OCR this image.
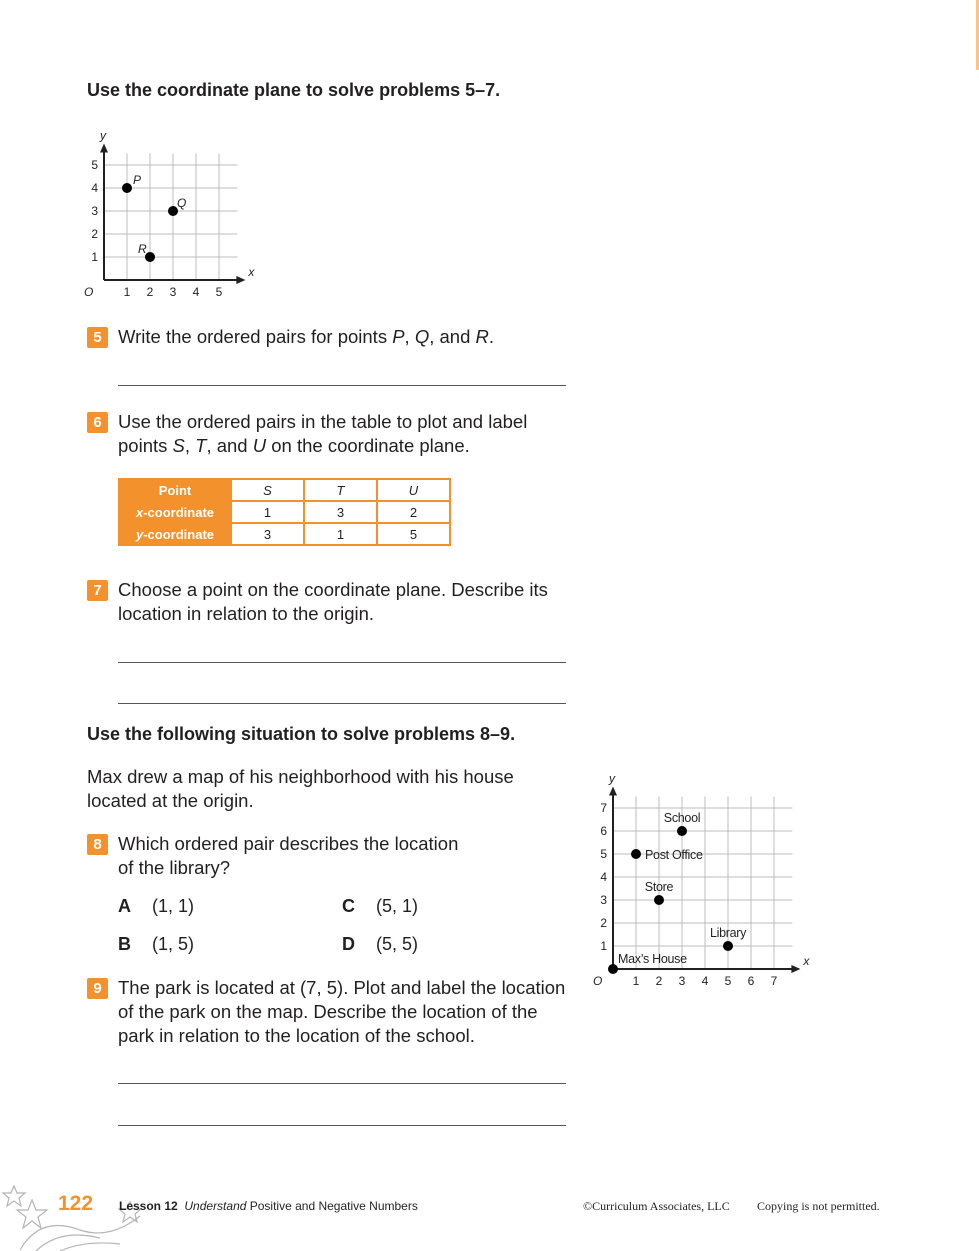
Use the coordinate plane to solve problems 5–7.
x
y
O	1 2 3 4 5
1
2
3
4
5
P
Q
R
5 Write the ordered pairs for points P, Q, and R.
6 Use the ordered pairs in the table to plot and label
points S, T, and U on the coordinate plane.
Point	S	T	U
x-coordinate	1	3	2
y-coordinate	3	1	5
7 Choose a point on the coordinate plane. Describe its
location in relation to the origin.
Use the following situation to solve problems 8–9.
Max drew a map of his neighborhood with his house
located at the origin.
x
y
O	1 2 3 4 5 6 7
1
2
3
4
5
6
7
Max’s House
Post Office
School
Store
Library
8 Which ordered pair describes the location
of the library?
A (1, 1)	C (5, 1)
B (1, 5)	D (5, 5)
9 The park is located at (7, 5). Plot and label the location
of the park on the map. Describe the location of the
park in relation to the location of the school.
122 Lesson 12 Understand Positive and Negative Numbers	©Curriculum Associates, LLC Copying is not permitted.
